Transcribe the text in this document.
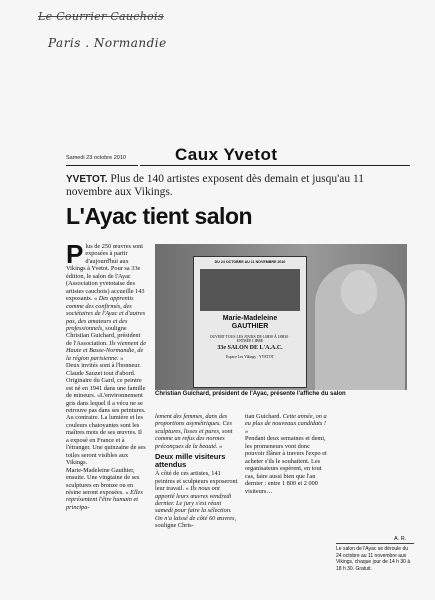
Le Courrier Cauchois
Paris . Normandie
Samedi 23 octobre 2010	Caux Yvetot
YVETOT. Plus de 140 artistes exposent dès demain et jusqu'au 11 novembre aux Vikings.
L'Ayac tient salon
Plus de 250 œuvres sont exposées à partir d'aujourd'hui aux Vikings à Yvetot. Pour sa 33e édition, le salon de l'Ayac (Association yvetotaise des artistes cauchois) accueille 143 exposants. « Des apprentis comme des confirmés, des sociétaires de l'Ayac et d'autres pas, des amateurs et des professionnels, souligne Christian Guichard, président de l'Association. Ils viennent de Haute et Basse-Normandie, de la région parisienne. »
Deux invités sont à l'honneur. Claude Sauzet tout d'abord. Originaire du Gard, ce peintre est né en 1941 dans une famille de mineurs. «L'environnement gris dans lequel il a vécu ne se retrouve pas dans ses peintures. Au contraire. La lumière et les couleurs chatoyantes sont les maîtres mots de ses œuvres. Il a exposé en France et à l'étranger. Une quinzaine de ses toiles seront visibles aux Vikings.
Marie-Madeleine Gauthier, ensuite. Une vingtaine de ses sculptures en bronze ou en résine seront exposées. « Elles représentent l'être humain et principa-
DU 24 OCTOBRE AU 11 NOVEMBRE 2010
Marie-Madeleine
GAUTHIER
OUVERT TOUS LES JOURS DE 14H30 À 18H30 · ENTRÉE LIBRE
33e SALON DE L'A.A.C.
Espace Les Vikings · YVETOT
Christian Guichard, président de l'Ayac, présente l'affiche du salon
lement des femmes, dans des proportions asymétriques. Ces sculptures, lisses et pures, sont comme un refus des normes préconçues de la beauté. »
Deux mille visiteurs attendus
À côté de ces artistes, 141 peintres et sculpteurs exposeront leur travail. « Ils nous ont apporté leurs œuvres vendredi dernier. Le jury s'est réuni samedi pour faire la sélection. On n'a laissé de côté 60 œuvres, souligne Chris-
tian Guichard. Cette année, on a eu plus de nouveaux candidats ! »
Pendant deux semaines et demi, les promeneurs vont donc pouvoir flâner à travers l'expo et acheter s'ils le souhaitent. Les organisateurs espèrent, en tout cas, faire aussi bien que l'an dernier : entre 1 800 et 2 000 visiteurs…
A. R.
Le salon de l'Ayac se déroule du 24 octobre au 11 novembre aux Vikings, chaque jour de 14 h 30 à 18 h 30. Gratuit.
